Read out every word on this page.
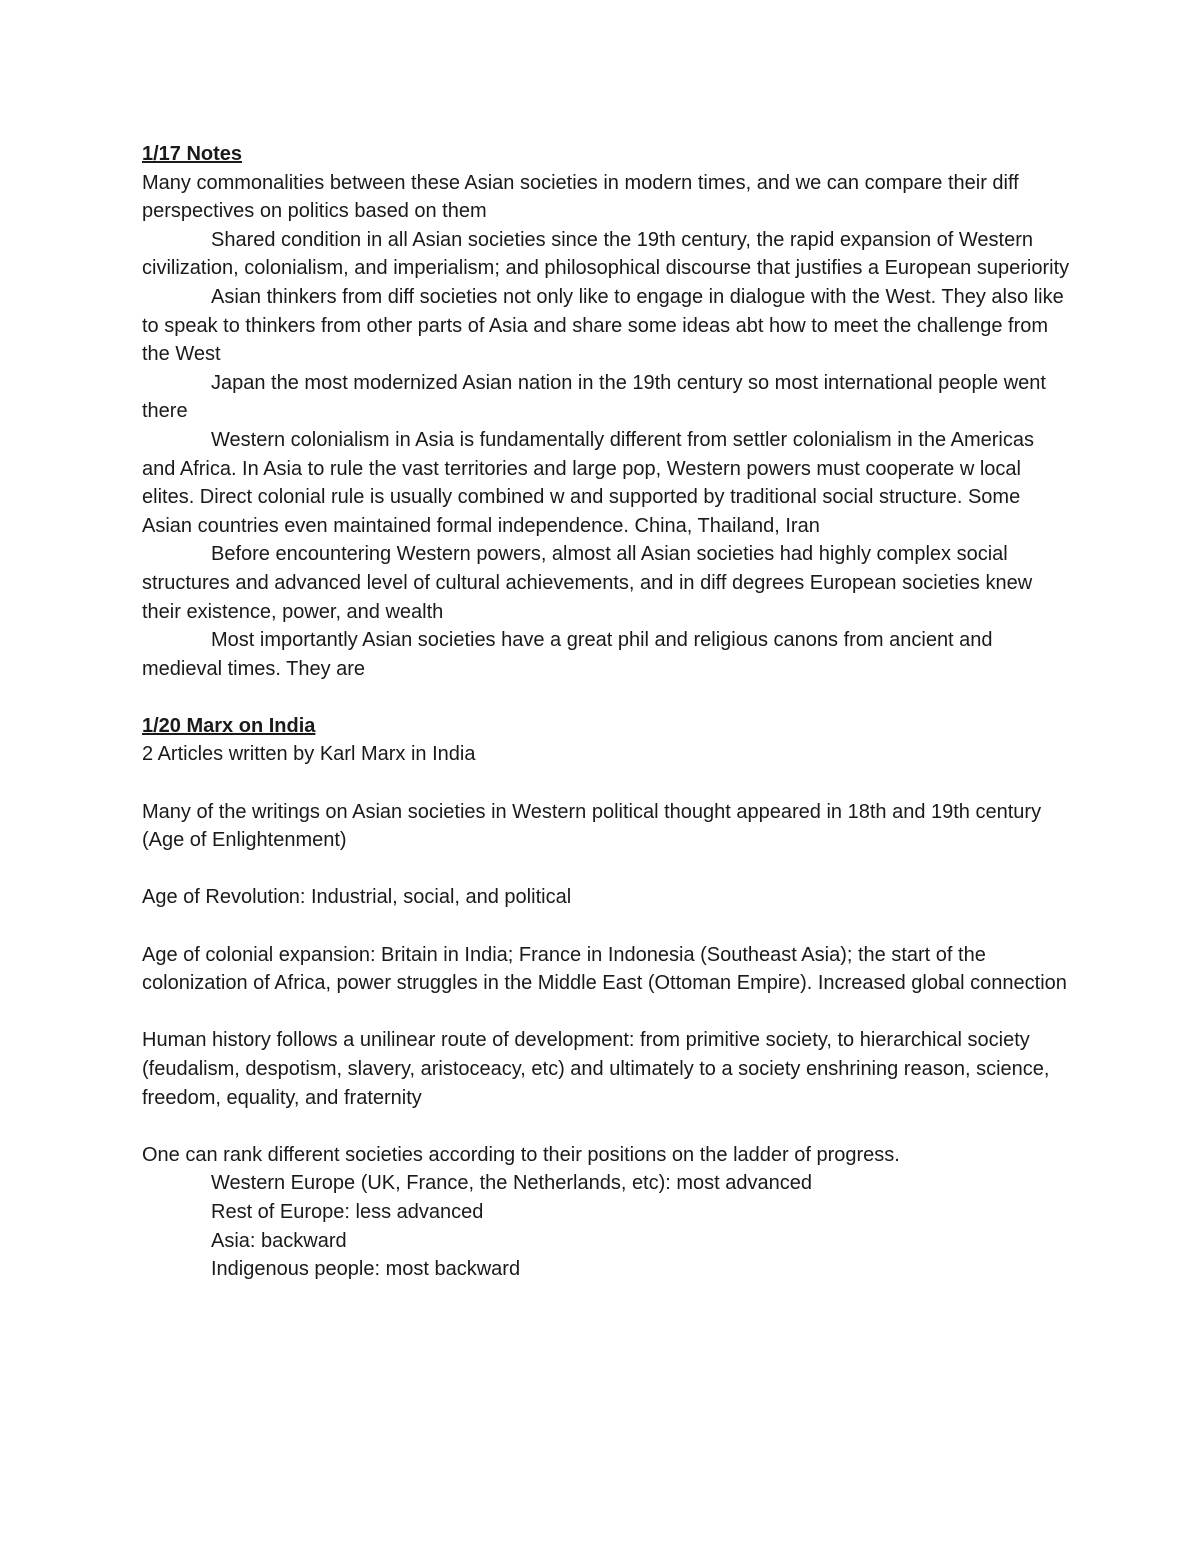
1/17 Notes

Many commonalities between these Asian societies in modern times, and we can compare their diff perspectives on politics based on them

Shared condition in all Asian societies since the 19th century, the rapid expansion of Western civilization, colonialism, and imperialism; and philosophical discourse that justifies a European superiority

Asian thinkers from diff societies not only like to engage in dialogue with the West. They also like to speak to thinkers from other parts of Asia and share some ideas abt how to meet the challenge from the West

Japan the most modernized Asian nation in the 19th century so most international people went there

Western colonialism in Asia is fundamentally different from settler colonialism in the Americas and Africa. In Asia to rule the vast territories and large pop, Western powers must cooperate w local elites. Direct colonial rule is usually combined w and supported by traditional social structure. Some Asian countries even maintained formal independence. China, Thailand, Iran

Before encountering Western powers, almost all Asian societies had highly complex social structures and advanced level of cultural achievements, and in diff degrees European societies knew their existence, power, and wealth

Most importantly Asian societies have a great phil and religious canons from ancient and medieval times. They are

1/20 Marx on India

2 Articles written by Karl Marx in India

Many of the writings on Asian societies in Western political thought appeared in 18th and 19th century (Age of Enlightenment)

Age of Revolution: Industrial, social, and political

Age of colonial expansion: Britain in India; France in Indonesia (Southeast Asia); the start of the colonization of Africa, power struggles in the Middle East (Ottoman Empire). Increased global connection

Human history follows a unilinear route of development: from primitive society, to hierarchical society (feudalism, despotism, slavery, aristoceacy, etc) and ultimately to a society enshrining reason, science, freedom, equality, and fraternity

One can rank different societies according to their positions on the ladder of progress.

Western Europe (UK, France, the Netherlands, etc): most advanced

Rest of Europe: less advanced

Asia: backward

Indigenous people: most backward
